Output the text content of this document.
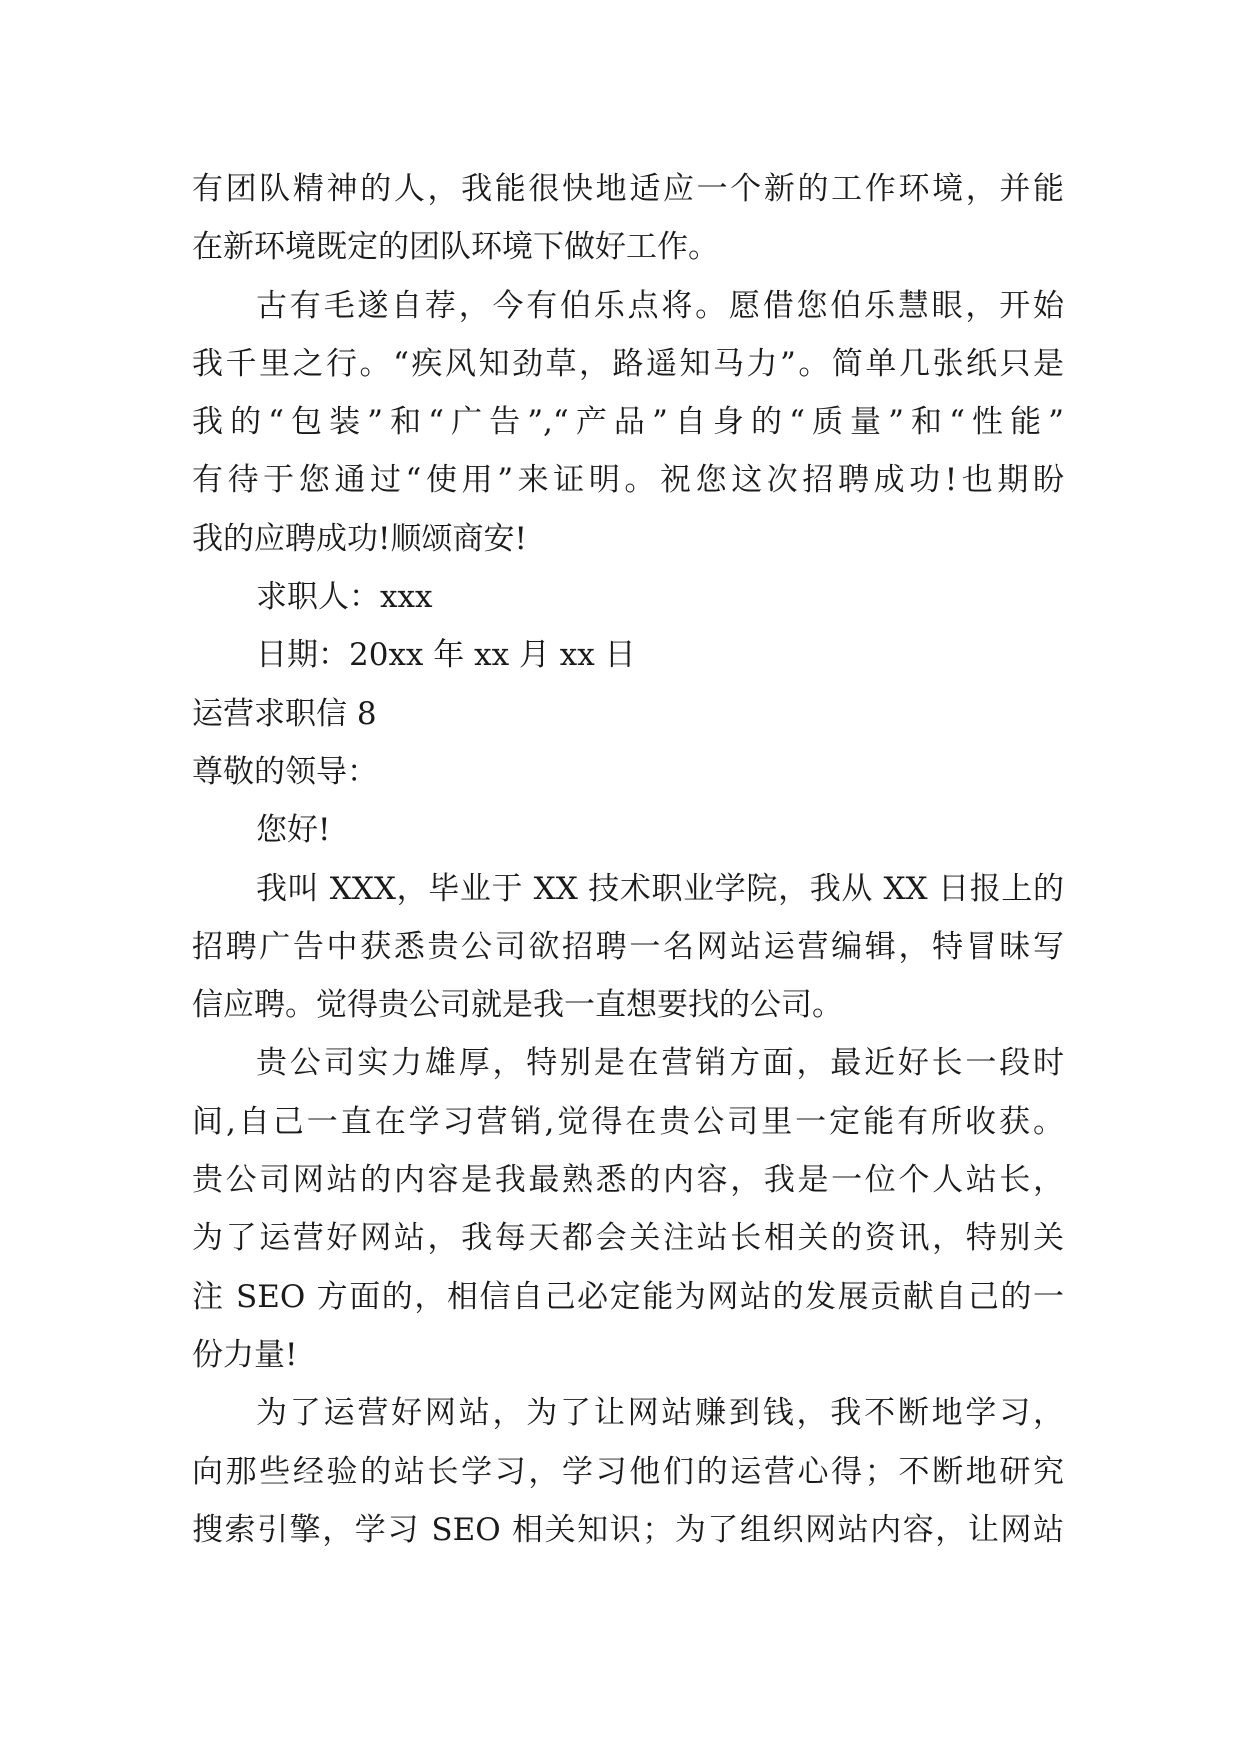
有团队精神的人，我能很快地适应一个新的工作环境，并能
在新环境既定的团队环境下做好工作。
古有毛遂自荐，今有伯乐点将。愿借您伯乐慧眼，开始
我千里之行。“疾风知劲草，路遥知马力”。简单几张纸只是
我的“包装”和“广告”,“产品”自身的“质量”和“性能”
有待于您通过“使用”来证明。祝您这次招聘成功!也期盼
我的应聘成功!顺颂商安!
求职人：xxx
日期：20xx 年 xx 月 xx 日
运营求职信 8
尊敬的领导：
您好!
我叫 XXX，毕业于 XX 技术职业学院，我从 XX 日报上的
招聘广告中获悉贵公司欲招聘一名网站运营编辑，特冒昧写
信应聘。觉得贵公司就是我一直想要找的公司。
贵公司实力雄厚，特别是在营销方面，最近好长一段时
间,自己一直在学习营销,觉得在贵公司里一定能有所收获。
贵公司网站的内容是我最熟悉的内容，我是一位个人站长，
为了运营好网站，我每天都会关注站长相关的资讯，特别关
注 SEO 方面的，相信自己必定能为网站的发展贡献自己的一
份力量!
为了运营好网站，为了让网站赚到钱，我不断地学习，
向那些经验的站长学习，学习他们的运营心得；不断地研究
搜索引擎，学习 SEO 相关知识；为了组织网站内容，让网站
